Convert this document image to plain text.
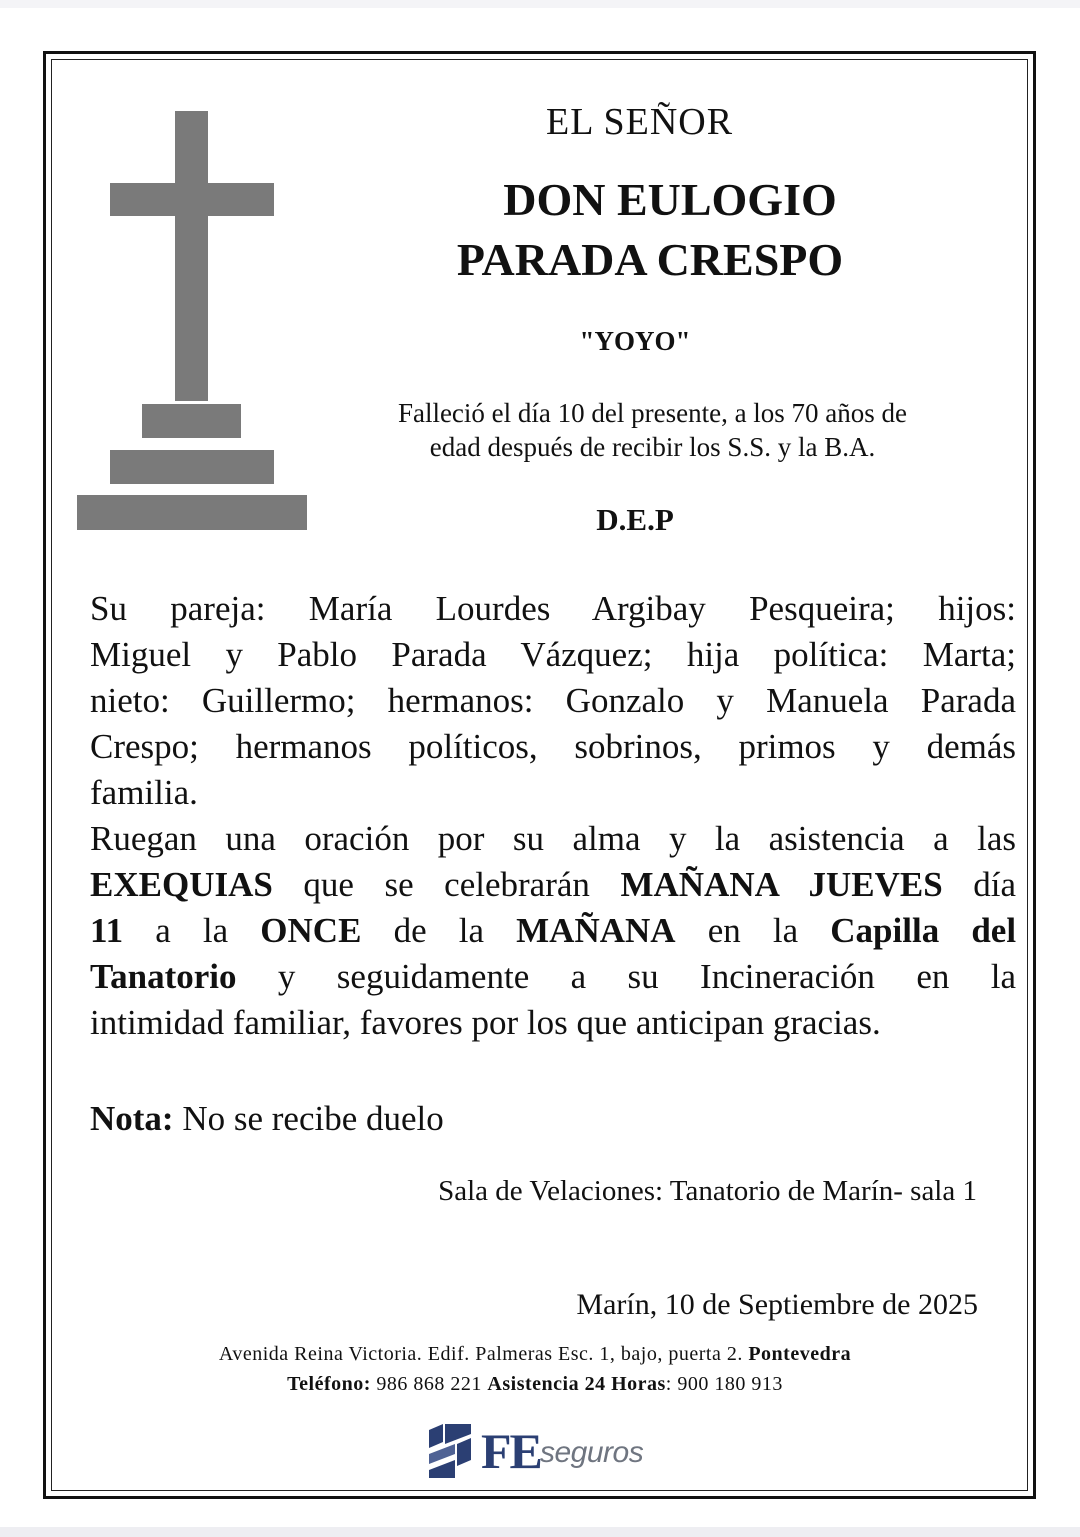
EL SEÑOR
DON EULOGIO
PARADA CRESPO
"YOYO"
Falleció el día 10 del presente, a los 70 años de
edad después de recibir los S.S. y la B.A.
D.E.P
Su pareja: María Lourdes Argibay Pesqueira; hijos:
Miguel y Pablo Parada Vázquez; hija política: Marta;
nieto: Guillermo; hermanos: Gonzalo y Manuela Parada
Crespo; hermanos políticos, sobrinos, primos y demás
familia.
Ruegan una oración por su alma y la asistencia a las
EXEQUIAS que se celebrarán MAÑANA JUEVES día
11 a la ONCE de la MAÑANA en la Capilla del
Tanatorio y seguidamente a su Incineración en la
intimidad familiar, favores por los que anticipan gracias.
Nota: No se recibe duelo
Sala de Velaciones: Tanatorio de Marín- sala 1
Marín, 10 de Septiembre de 2025
Avenida Reina Victoria. Edif. Palmeras Esc. 1, bajo, puerta 2. Pontevedra
Teléfono: 986 868 221 Asistencia 24 Horas: 900 180 913
FE seguros
